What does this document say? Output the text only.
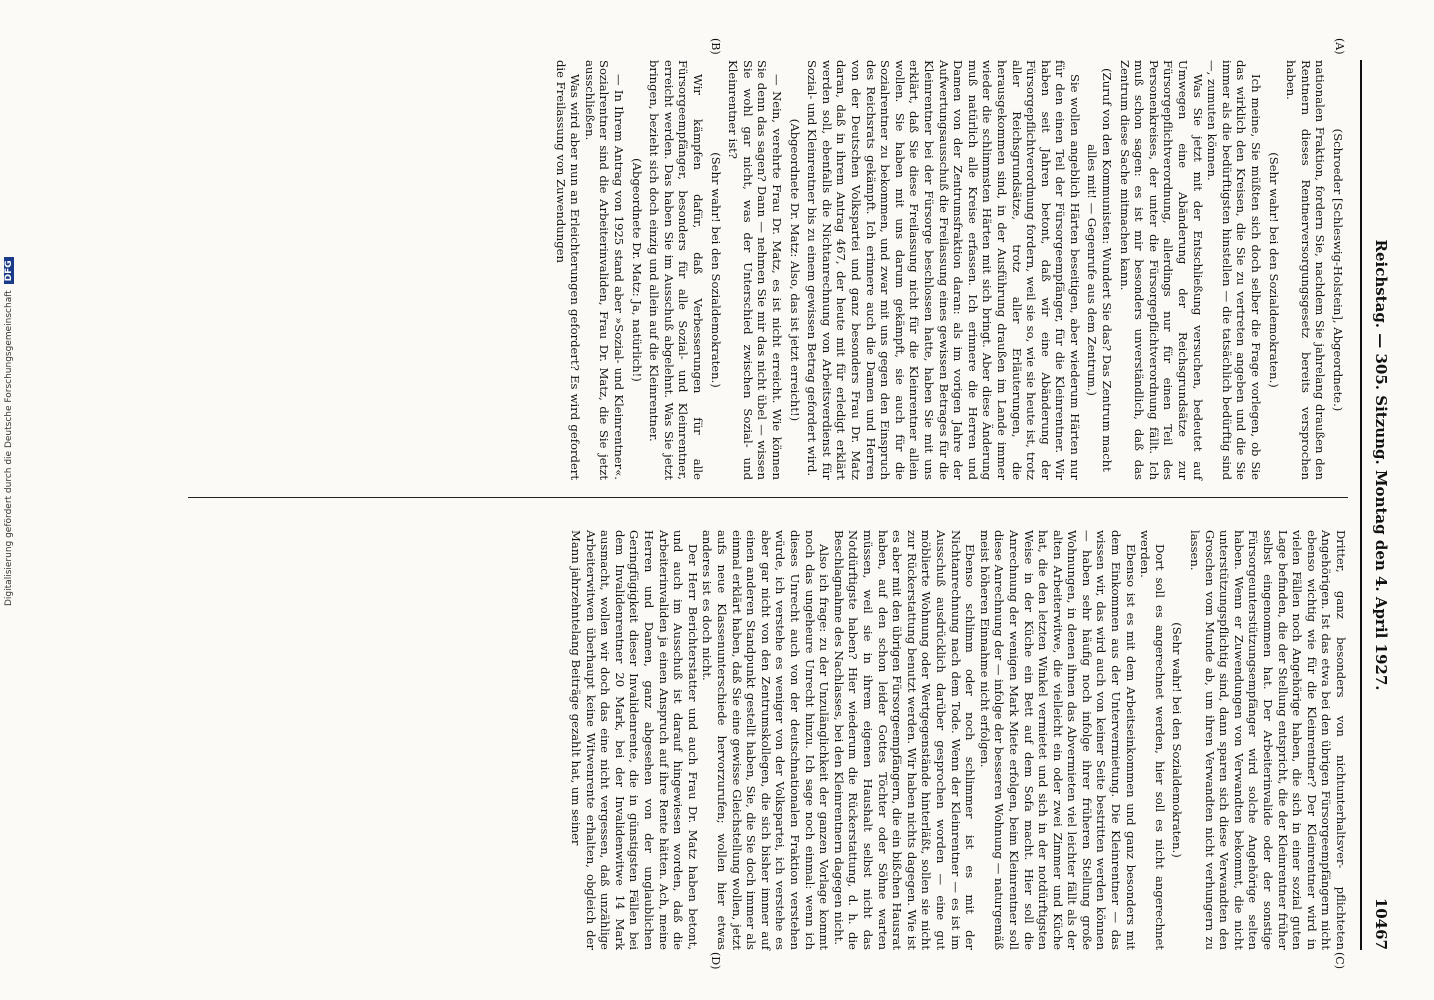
Reichstag. — 305. Sitzung. Montag den 4. April 1927.
10467
(A)
(B)
(C)
(D)

(Schroeder [Schleswig-Holstein], Abgeordnete.)

nationalen Fraktion, fordern Sie, nachdem Sie jahrelang draußen den Rentnern dieses Rentnerversorgungsgesetz bereits versprochen haben.

(Sehr wahr! bei den Sozialdemokraten.)

Ich meine, Sie müßten sich doch selber die Frage vorlegen, ob Sie das wirklich den Kreisen, die Sie zu vertreten angeben und die Sie immer als die bedürftigsten hinstellen — die tatsächlich bedürftig sind —, zumuten können.

Was Sie jetzt mit der Entschließung versuchen, bedeutet auf Umwegen eine Abänderung der Reichsgrundsätze zur Fürsorgepflichtverordnung, allerdings nur für einen Teil des Personenkreises, der unter die Fürsorgepflichtverordnung fällt. Ich muß schon sagen: es ist mir besonders unverständlich, daß das Zentrum diese Sache mitmachen kann.

(Zuruf von den Kommunisten: Wundert Sie das? Das Zentrum macht alles mit! — Gegenrufe aus dem Zentrum.)

Sie wollen angeblich Härten beseitigen, aber wiederum Härten nur für den einen Teil der Fürsorgeempfänger, für die Kleinrentner. Wir haben seit Jahren betont, daß wir eine Abänderung der Fürsorgepflichtverordnung fordern, weil sie so, wie sie heute ist, trotz aller Reichsgrundsätze, trotz aller Erläuterungen, die herausgekommen sind, in der Ausführung draußen im Lande immer wieder die schlimmsten Härten mit sich bringt. Aber diese Änderung muß natürlich alle Kreise erfassen. Ich erinnere die Herren und Damen von der Zentrumsfraktion daran: als im vorigen Jahre der Aufwertungsausschuß die Freilassung eines gewissen Betrages für die Kleinrentner bei der Fürsorge beschlossen hatte, haben Sie mit uns erklärt, daß Sie diese Freilassung nicht für die Kleinrentner allein wollen. Sie haben mit uns darum gekämpft, sie auch für die Sozialrentner zu bekommen, und zwar mit uns gegen den Einspruch des Reichsrats gekämpft. Ich erinnere auch die Damen und Herren von der Deutschen Volkspartei und ganz besonders Frau Dr. Matz daran, daß in ihrem Antrag 467, der heute mit für erledigt erklärt werden soll, ebenfalls die Nichtanrechnung von Arbeitsverdienst für Sozial- und Kleinrentner bis zu einem gewissen Betrag gefordert wird.

(Abgeordnete Dr. Matz: Also, das ist jetzt erreicht!)

— Nein, verehrte Frau Dr. Matz, es ist nicht erreicht. Wie können Sie denn das sagen? Dann — nehmen Sie mir das nicht übel — wissen Sie wohl gar nicht, was der Unterschied zwischen Sozial- und Kleinrentner ist?

(Sehr wahr! bei den Sozialdemokraten.)

Wir kämpfen dafür, daß Verbesserungen für alle Fürsorgeempfänger, besonders für alle Sozial- und Kleinrentner, erreicht werden. Das haben Sie im Ausschuß abgelehnt. Was Sie jetzt bringen, bezieht sich doch einzig und allein auf die Kleinrentner.

(Abgeordnete Dr. Matz: Ja, natürlich!)

— In Ihrem Antrag von 1925 stand aber »Sozial- und Kleinrentner«. Sozialrentner sind die Arbeiterinvaliden, Frau Dr. Matz, die Sie jetzt ausschließen.

Was wird aber nun an Erleichterungen gefordert? Es wird gefordert die Freilassung von Zuwendungen

Dritter, ganz besonders von nichtunterhaltsver- pflichteten Angehörigen. Ist das etwa bei den übrigen Fürsorgeempfängern nicht ebenso wichtig wie für die Kleinrentner? Der Kleinrentner wird in vielen Fällen noch Angehörige haben, die sich in einer sozial guten Lage befinden, die der Stellung entspricht, die der Kleinrentner früher selbst eingenommen hat. Der Arbeiterinvalide oder der sonstige Fürsorgeunterstützungsempfänger wird solche Angehörige selten haben. Wenn er Zuwendungen von Verwandten bekommt, die nicht unterstützungspflichtig sind, dann sparen sich diese Verwandten den Groschen vom Munde ab, um ihren Verwandten nicht verhungern zu lassen.

(Sehr wahr! bei den Sozialdemokraten.)

Dort soll es angerechnet werden, hier soll es nicht angerechnet werden.

Ebenso ist es mit dem Arbeitseinkommen und ganz besonders mit dem Einkommen aus der Untervermietung. Die Kleinrentner — das wissen wir, das wird auch von keiner Seite bestritten werden können — haben sehr häufig noch infolge ihrer früheren Stellung große Wohnungen, in denen ihnen das Abvermieten viel leichter fällt als der alten Arbeiterwitwe, die vielleicht ein oder zwei Zimmer und Küche hat, die den letzten Winkel vermietet und sich in der notdürftigsten Weise in der Küche ein Bett auf dem Sofa macht. Hier soll die Anrechnung der wenigen Mark Miete erfolgen, beim Kleinrentner soll diese Anrechnung der — infolge der besseren Wohnung — naturgemäß meist höheren Einnahme nicht erfolgen.

Ebenso schlimm oder noch schlimmer ist es mit der Nichtanrechnung nach dem Tode. Wenn der Kleinrentner — es ist im Ausschuß ausdrücklich darüber gesprochen worden — eine gut möblierte Wohnung oder Wertgegenstände hinterläßt, sollen sie nicht zur Rückerstattung benutzt werden. Wir haben nichts dagegen. Wie ist es aber mit den übrigen Fürsorgeempfängern, die ein bißchen Hausrat haben, auf den schon leider Gottes Töchter oder Söhne warten müssen, weil sie in ihrem eigenen Haushalt selbst nicht das Notdürftigste haben? Hier wiederum die Rückerstattung, d. h. die Beschlagnahme des Nachlasses, bei den Kleinrentnern dagegen nicht.

Also ich frage: zu der Unzulänglichkeit der ganzen Vorlage kommt noch das ungeheure Unrecht hinzu. Ich sage noch einmal: wenn ich dieses Unrecht auch von der deutschnationalen Fraktion verstehen würde, ich verstehe es weniger von der Volkspartei, ich verstehe es aber gar nicht von den Zentrumskollegen, die sich bisher immer auf einen anderen Standpunkt gestellt haben, Sie, die Sie doch immer als einmal erklärt haben, daß Sie eine gewisse Gleichstellung wollen, jetzt aufs neue Klassenunterschiede hervorzurufen; wollen hier etwas anderes ist es doch nicht.

Der Herr Berichterstatter und auch Frau Dr. Matz haben betont, und auch im Ausschuß ist darauf hingewiesen worden, daß die Arbeiterinvaliden ja einen Anspruch auf ihre Rente hätten. Ach, meine Herren und Damen, ganz abgesehen von der unglaublichen Geringfügigkeit dieser Invalidenrente, die in günstigsten Fällen bei dem Invalidenrentner 20 Mark, bei der Invalidenwitwe 14 Mark ausmacht, wollen wir doch das eine nicht vergessen, daß unzählige Arbeiterwitwen überhaupt keine Witwenrente erhalten, obgleich der Mann jahrzehntelang Beiträge gezahlt hat, um seiner

Digitalisierung gefördert durch die Deutsche Forschungsgemeinschaft DFG
